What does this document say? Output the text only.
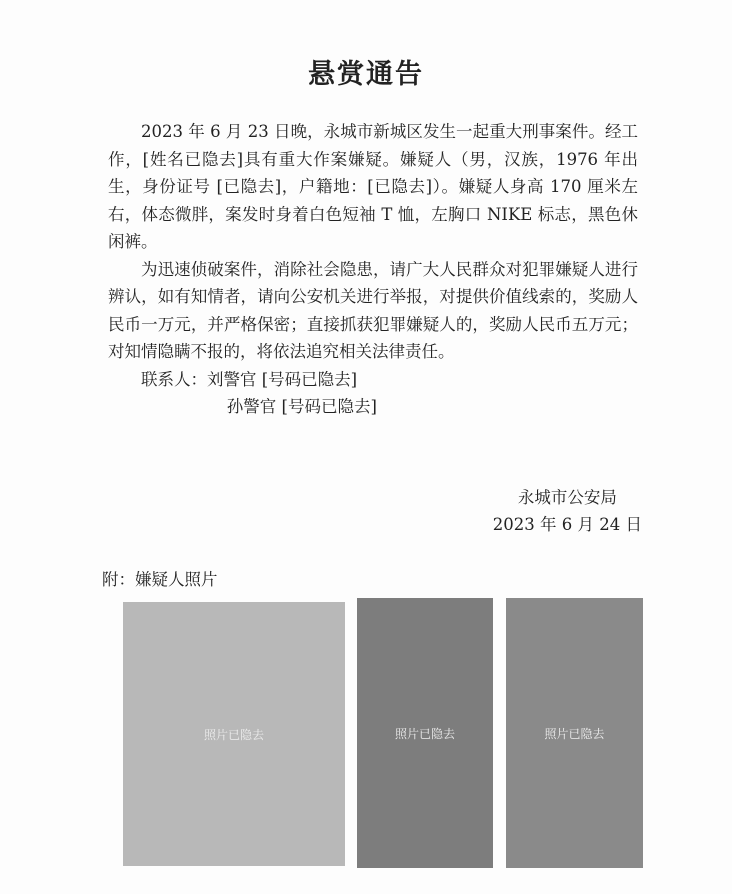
悬赏通告

2023 年 6 月 23 日晚，永城市新城区发生一起重大刑事案件。经工作，[姓名已隐去]具有重大作案嫌疑。嫌疑人（男，汉族，1976 年出生，身份证号 [已隐去]，户籍地：[已隐去]）。嫌疑人身高 170 厘米左右，体态微胖，案发时身着白色短袖 T 恤，左胸口 NIKE 标志，黑色休闲裤。

为迅速侦破案件，消除社会隐患，请广大人民群众对犯罪嫌疑人进行辨认，如有知情者，请向公安机关进行举报，对提供价值线索的，奖励人民币一万元，并严格保密；直接抓获犯罪嫌疑人的，奖励人民币五万元；对知情隐瞒不报的，将依法追究相关法律责任。

联系人：刘警官 [号码已隐去]
孙警官 [号码已隐去]
永城市公安局
2023 年 6 月 24 日
附：嫌疑人照片
照片已隐去	照片已隐去	照片已隐去
